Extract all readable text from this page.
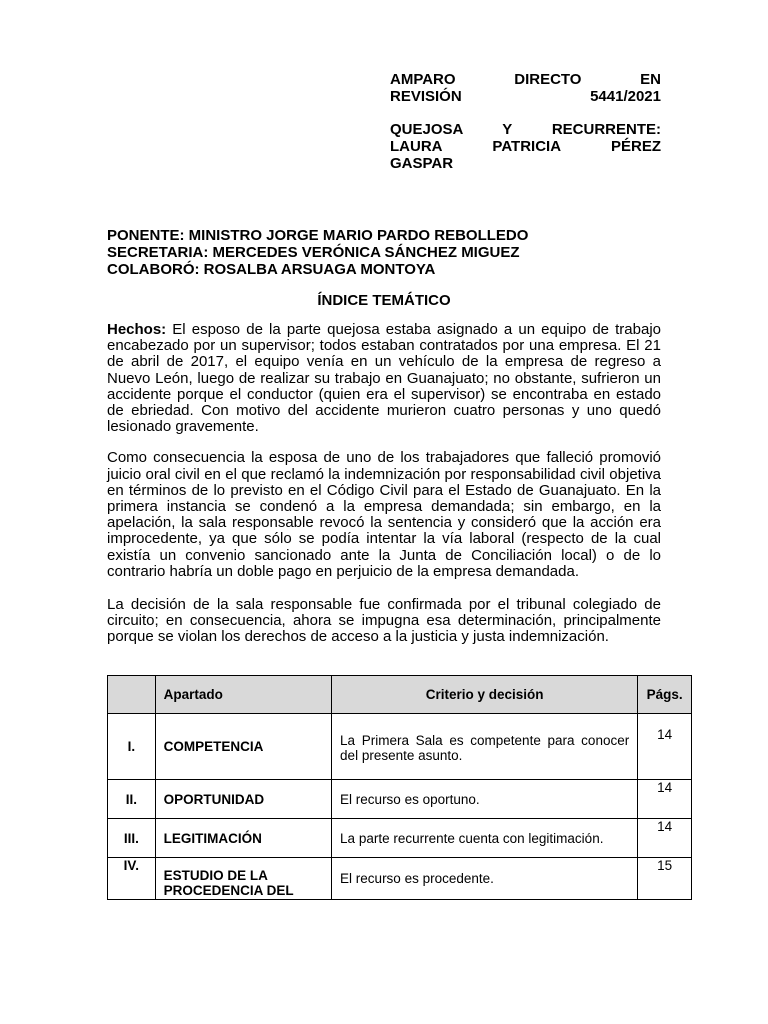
AMPARO DIRECTO EN
REVISIÓN 5441/2021

QUEJOSA Y RECURRENTE:
LAURA PATRICIA PÉREZ
GASPAR

PONENTE: MINISTRO JORGE MARIO PARDO REBOLLEDO
SECRETARIA: MERCEDES VERÓNICA SÁNCHEZ MIGUEZ
COLABORÓ: ROSALBA ARSUAGA MONTOYA
ÍNDICE TEMÁTICO

Hechos: El esposo de la parte quejosa estaba asignado a un equipo de trabajo encabezado por un supervisor; todos estaban contratados por una empresa. El 21 de abril de 2017, el equipo venía en un vehículo de la empresa de regreso a Nuevo León, luego de realizar su trabajo en Guanajuato; no obstante, sufrieron un accidente porque el conductor (quien era el supervisor) se encontraba en estado de ebriedad. Con motivo del accidente murieron cuatro personas y uno quedó lesionado gravemente.

Como consecuencia la esposa de uno de los trabajadores que falleció promovió juicio oral civil en el que reclamó la indemnización por responsabilidad civil objetiva en términos de lo previsto en el Código Civil para el Estado de Guanajuato. En la primera instancia se condenó a la empresa demandada; sin embargo, en la apelación, la sala responsable revocó la sentencia y consideró que la acción era improcedente, ya que sólo se podía intentar la vía laboral (respecto de la cual existía un convenio sancionado ante la Junta de Conciliación local) o de lo contrario habría un doble pago en perjuicio de la empresa demandada.

La decisión de la sala responsable fue confirmada por el tribunal colegiado de circuito; en consecuencia, ahora se impugna esa determinación, principalmente porque se violan los derechos de acceso a la justicia y justa indemnización.

	Apartado	Criterio y decisión	Págs.
I.	COMPETENCIA	La Primera Sala es competente para conocer del presente asunto.	14
II.	OPORTUNIDAD	El recurso es oportuno.	14
III.	LEGITIMACIÓN	La parte recurrente cuenta con legitimación.	14
IV.	ESTUDIO DE LA PROCEDENCIA DEL	El recurso es procedente.	15
